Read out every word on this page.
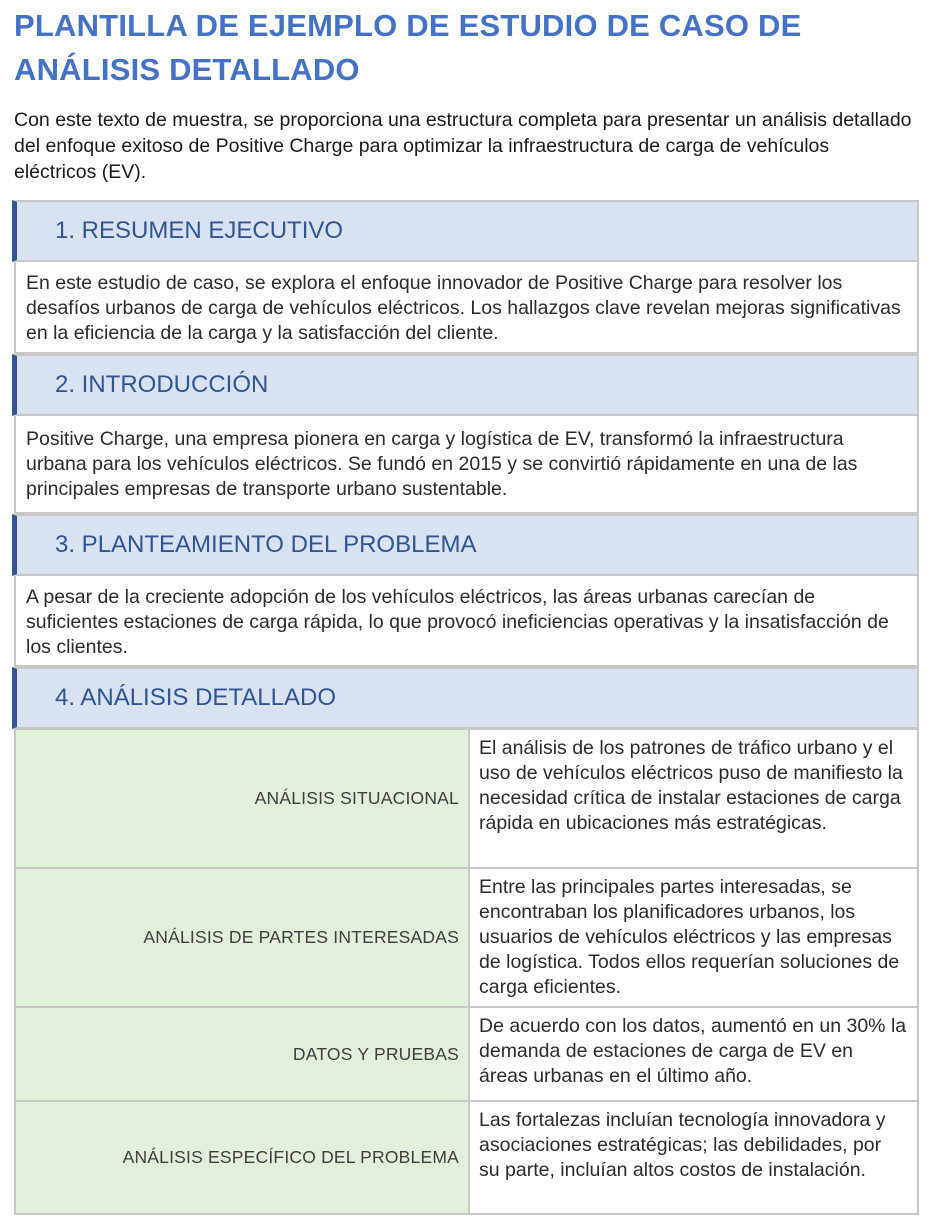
PLANTILLA DE EJEMPLO DE ESTUDIO DE CASO DE
ANÁLISIS DETALLADO

Con este texto de muestra, se proporciona una estructura completa para presentar un análisis detallado del enfoque exitoso de Positive Charge para optimizar la infraestructura de carga de vehículos eléctricos (EV).

1. RESUMEN EJECUTIVO
En este estudio de caso, se explora el enfoque innovador de Positive Charge para resolver los desafíos urbanos de carga de vehículos eléctricos. Los hallazgos clave revelan mejoras significativas en la eficiencia de la carga y la satisfacción del cliente.
2. INTRODUCCIÓN
Positive Charge, una empresa pionera en carga y logística de EV, transformó la infraestructura urbana para los vehículos eléctricos. Se fundó en 2015 y se convirtió rápidamente en una de las principales empresas de transporte urbano sustentable.
3. PLANTEAMIENTO DEL PROBLEMA
A pesar de la creciente adopción de los vehículos eléctricos, las áreas urbanas carecían de suficientes estaciones de carga rápida, lo que provocó ineficiencias operativas y la insatisfacción de los clientes.
4. ANÁLISIS DETALLADO
ANÁLISIS SITUACIONAL	El análisis de los patrones de tráfico urbano y el uso de vehículos eléctricos puso de manifiesto la necesidad crítica de instalar estaciones de carga rápida en ubicaciones más estratégicas.
ANÁLISIS DE PARTES INTERESADAS	Entre las principales partes interesadas, se encontraban los planificadores urbanos, los usuarios de vehículos eléctricos y las empresas de logística. Todos ellos requerían soluciones de carga eficientes.
DATOS Y PRUEBAS	De acuerdo con los datos, aumentó en un 30% la demanda de estaciones de carga de EV en áreas urbanas en el último año.
ANÁLISIS ESPECÍFICO DEL PROBLEMA	Las fortalezas incluían tecnología innovadora y asociaciones estratégicas; las debilidades, por su parte, incluían altos costos de instalación.
